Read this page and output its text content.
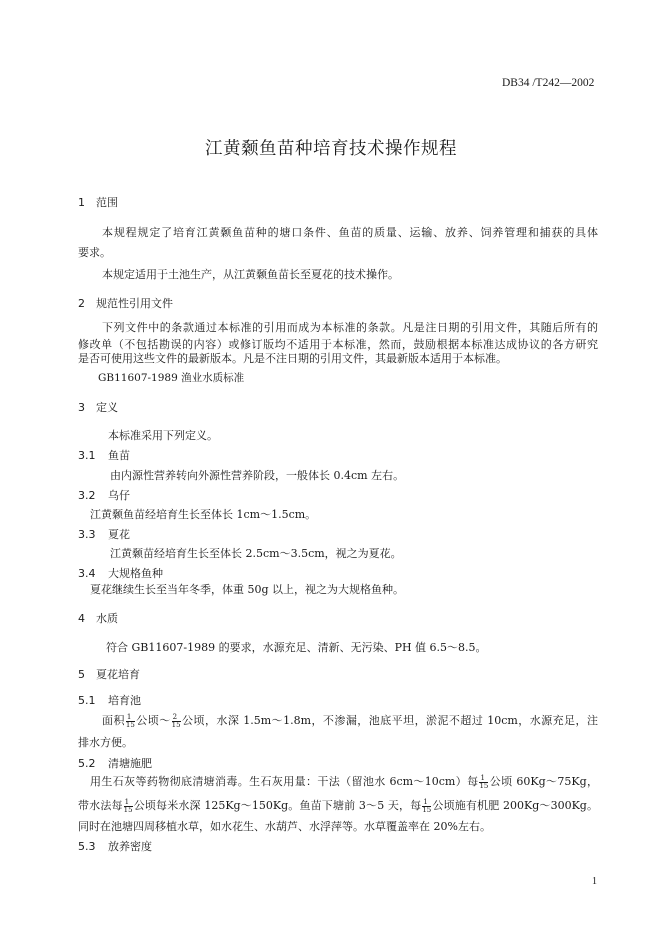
DB34 /T242—2002
江黄颡鱼苗种培育技术操作规程
1 范围
本规程规定了培育江黄颡鱼苗种的塘口条件、鱼苗的质量、运输、放养、饲养管理和捕获的具体
要求。
本规定适用于土池生产，从江黄颡鱼苗长至夏花的技术操作。
2 规范性引用文件
下列文件中的条款通过本标准的引用而成为本标准的条款。凡是注日期的引用文件，其随后所有的
修改单（不包括勘误的内容）或修订版均不适用于本标准，然而，鼓励根据本标准达成协议的各方研究
是否可使用这些文件的最新版本。凡是不注日期的引用文件，其最新版本适用于本标准。
GB11607-1989 渔业水质标准
3 定义
本标准采用下列定义。
3.1 鱼苗
由内源性营养转向外源性营养阶段，一般体长 0.4cm 左右。
3.2 乌仔
江黄颡鱼苗经培育生长至体长 1cm～1.5cm。
3.3 夏花
江黄颡苗经培育生长至体长 2.5cm～3.5cm，视之为夏花。
3.4 大规格鱼种
夏花继续生长至当年冬季，体重 50g 以上，视之为大规格鱼种。
4 水质
符合 GB11607-1989 的要求，水源充足、清新、无污染、PH 值 6.5～8.5。
5 夏花培育
5.1 培育池
面积 $\frac{1}{15}$ 公顷～ $\frac{2}{15}$ 公顷，水深 1.5m～1.8m，不渗漏，池底平坦，淤泥不超过 10cm，水源充足，注
排水方便。
5.2 清塘施肥
用生石灰等药物彻底清塘消毒。生石灰用量：干法（留池水 6cm～10cm）每 $\frac{1}{15}$ 公顷 60Kg～75Kg，
带水法每 $\frac{1}{15}$ 公顷每米水深 125Kg～150Kg。鱼苗下塘前 3～5 天，每 $\frac{1}{15}$ 公顷施有机肥 200Kg～300Kg。
同时在池塘四周移植水草，如水花生、水葫芦、水浮萍等。水草覆盖率在 20%左右。
5.3 放养密度
1
